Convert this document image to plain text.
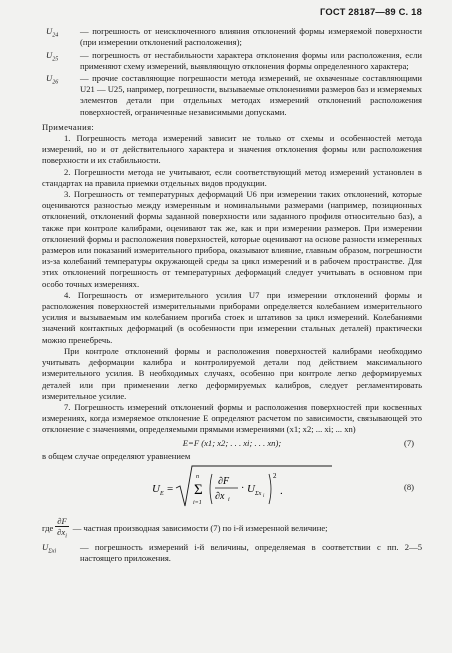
ГОСТ 28187—89 С. 18
$U_{24}$	— погрешность от неисключенного влияния отклонений формы измеряемой поверхности (при измерении отклонений расположения);
$U_{25}$	— погрешность от нестабильности характера отклонения формы или расположения, если применяют схему измерений, выявляющую отклонения формы определенного характера;
$U_{26}$	— прочие составляющие погрешности метода измерений, не охваченные составляющими U21 — U25, например, погрешности, вызываемые отклонениями размеров баз и измеряемых элементов детали при отдельных методах измерений отклонений расположения поверхностей, ограниченные независимыми допусками.
Примечания:

1. Погрешность метода измерений зависит не только от схемы и особенностей метода измерений, но и от действительного характера и значения отклонения формы или расположения поверхности и их стабильности.

2. Погрешности метода не учитывают, если соответствующий метод измерений установлен в стандартах на правила приемки отдельных видов продукции.

3. Погрешность от температурных деформаций U6 при измерении таких отклонений, которые оцениваются разностью между измеренным и номинальными размерами (например, позиционных отклонений, отклонений формы заданной поверхности или заданного профиля относительно баз), а также при контроле калибрами, оценивают так же, как и при измерении размеров. При измерении отклонений формы и расположения поверхностей, которые оценивают на основе разности измеренных размеров или показаний измерительного прибора, оказывают влияние, главным образом, погрешности из-за колебаний температуры окружающей среды за цикл измерений и в рабочем пространстве. Для этих отклонений погрешность от температурных деформаций следует учитывать в основном при особо точных измерениях.

4. Погрешность от измерительного усилия U7 при измерении отклонений формы и расположения поверхностей измерительными приборами определяется колебанием измерительного усилия и вызываемым им колебанием прогиба стоек и штативов за цикл измерений. Колебаниями значений контактных деформаций (в особенности при измерении стальных деталей) практически можно пренебречь.

При контроле отклонений формы и расположения поверхностей калибрами необходимо учитывать деформации калибра и контролируемой детали под действием максимального измерительного усилия. В необходимых случаях, особенно при контроле легко деформируемых деталей или при применении легко деформируемых калибров, следует регламентировать измерительное усилие.

7. Погрешность измерений отклонений формы и расположения поверхностей при косвенных измерениях, когда измеряемое отклонение E определяют расчетом по зависимости, связывающей это отклонение с значениями, определяемыми прямыми измерениями (x1; x2; ... xi; ... xn)

E=F (x1; x2; . . . xi; . . . xn);	(7)

в общем случае определяют уравнением

U E =
n
Σ
i=1
∂F
∂x i
· U Σx i
2
.	(8)
где $\frac{\partial F}{\partial x_i}$ — частная производная зависимости (7) по i-й измеренной величине;
$U_{\Sigma xi}$	— погрешность измерений i-й величины, определяемая в соответствии с пп. 2—5 настоящего приложения.
